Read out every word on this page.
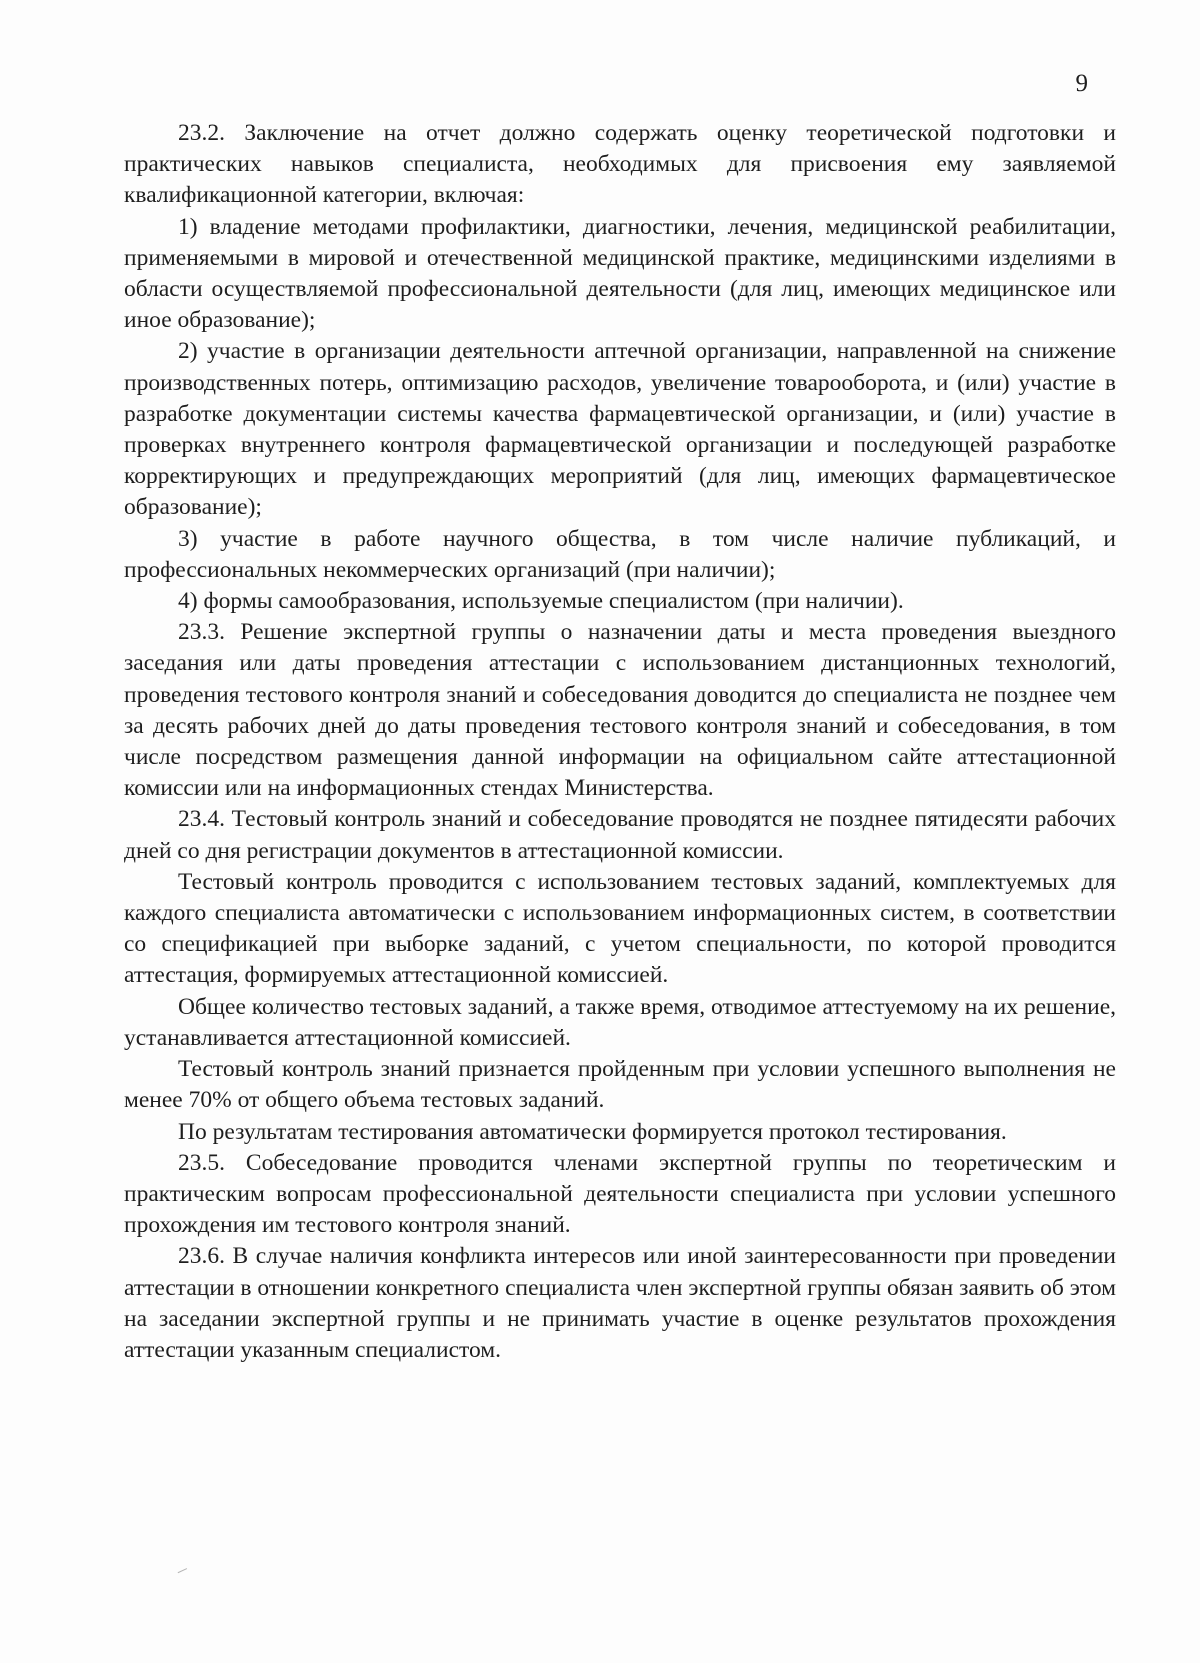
9

23.2. Заключение на отчет должно содержать оценку теоретической подготовки и практических навыков специалиста, необходимых для присвоения ему заявляемой квалификационной категории, включая:

1) владение методами профилактики, диагностики, лечения, медицинской реабилитации, применяемыми в мировой и отечественной медицинской практике, медицинскими изделиями в области осуществляемой профессиональной деятельности (для лиц, имеющих медицинское или иное образование);

2) участие в организации деятельности аптечной организации, направленной на снижение производственных потерь, оптимизацию расходов, увеличение товарооборота, и (или) участие в разработке документации системы качества фармацевтической организации, и (или) участие в проверках внутреннего контроля фармацевтической организации и последующей разработке корректирующих и предупреждающих мероприятий (для лиц, имеющих фармацевтическое образование);

3) участие в работе научного общества, в том числе наличие публикаций, и профессиональных некоммерческих организаций (при наличии);

4) формы самообразования, используемые специалистом (при наличии).

23.3. Решение экспертной группы о назначении даты и места проведения выездного заседания или даты проведения аттестации с использованием дистанционных технологий, проведения тестового контроля знаний и собеседования доводится до специалиста не позднее чем за десять рабочих дней до даты проведения тестового контроля знаний и собеседования, в том числе посредством размещения данной информации на официальном сайте аттестационной комиссии или на информационных стендах Министерства.

23.4. Тестовый контроль знаний и собеседование проводятся не позднее пятидесяти рабочих дней со дня регистрации документов в аттестационной комиссии.

Тестовый контроль проводится с использованием тестовых заданий, комплектуемых для каждого специалиста автоматически с использованием информационных систем, в соответствии со спецификацией при выборке заданий, с учетом специальности, по которой проводится аттестация, формируемых аттестационной комиссией.

Общее количество тестовых заданий, а также время, отводимое аттестуемому на их решение, устанавливается аттестационной комиссией.

Тестовый контроль знаний признается пройденным при условии успешного выполнения не менее 70% от общего объема тестовых заданий.

По результатам тестирования автоматически формируется протокол тестирования.

23.5. Собеседование проводится членами экспертной группы по теоретическим и практическим вопросам профессиональной деятельности специалиста при условии успешного прохождения им тестового контроля знаний.

23.6. В случае наличия конфликта интересов или иной заинтересованности при проведении аттестации в отношении конкретного специалиста член экспертной группы обязан заявить об этом на заседании экспертной группы и не принимать участие в оценке результатов прохождения аттестации указанным специалистом.
